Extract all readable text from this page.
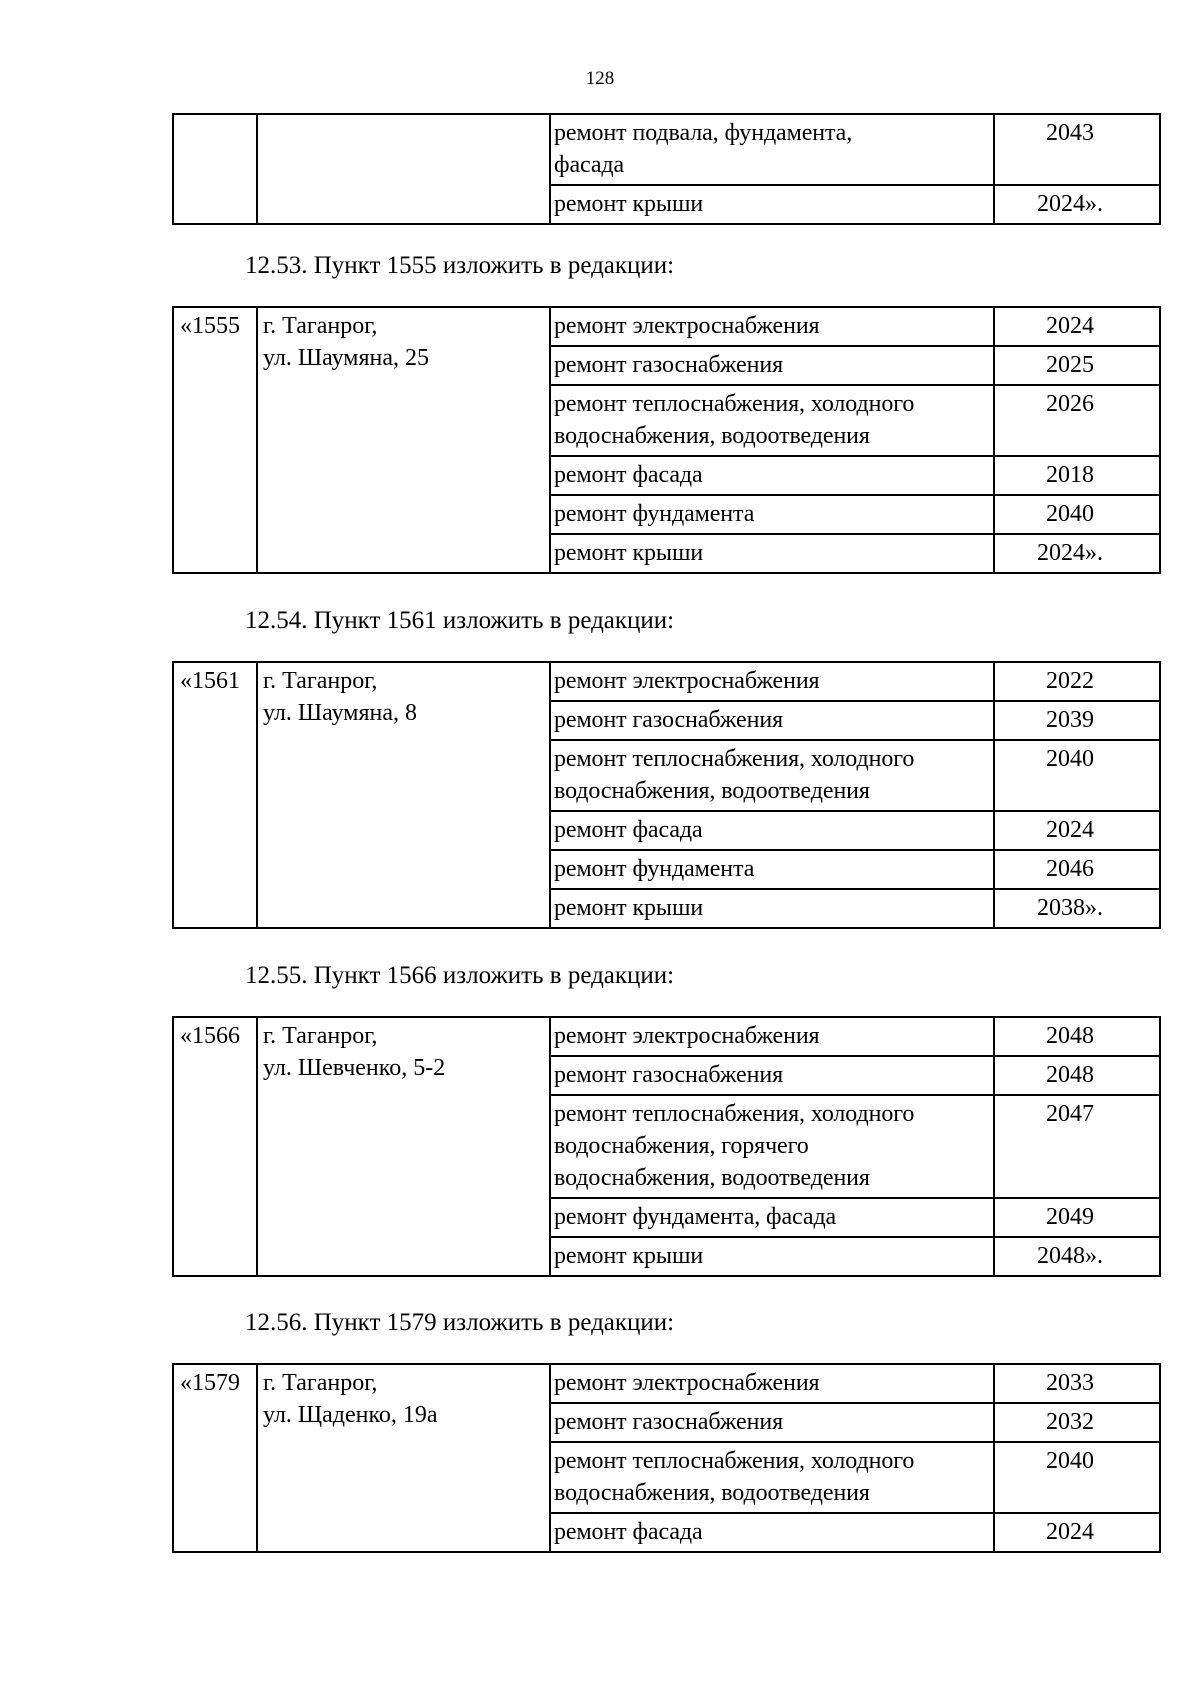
128

		ремонт подвала, фундамента,
фасада	2043

		ремонт крыши	2024».
12.53. Пункт 1555 изложить в редакции:
«1555	г. Таганрог,
ул. Шаумяна, 25	ремонт электроснабжения	2024

		ремонт газоснабжения	2025

		ремонт теплоснабжения, холодного
водоснабжения, водоотведения	2026

		ремонт фасада	2018

		ремонт фундамента	2040

		ремонт крыши	2024».
12.54. Пункт 1561 изложить в редакции:
«1561	г. Таганрог,
ул. Шаумяна, 8	ремонт электроснабжения	2022

		ремонт газоснабжения	2039

		ремонт теплоснабжения, холодного
водоснабжения, водоотведения	2040

		ремонт фасада	2024

		ремонт фундамента	2046

		ремонт крыши	2038».
12.55. Пункт 1566 изложить в редакции:
«1566	г. Таганрог,
ул. Шевченко, 5-2	ремонт электроснабжения	2048

		ремонт газоснабжения	2048

		ремонт теплоснабжения, холодного
водоснабжения, горячего
водоснабжения, водоотведения	2047

		ремонт фундамента, фасада	2049

		ремонт крыши	2048».
12.56. Пункт 1579 изложить в редакции:
«1579	г. Таганрог,
ул. Щаденко, 19а	ремонт электроснабжения	2033

		ремонт газоснабжения	2032

		ремонт теплоснабжения, холодного
водоснабжения, водоотведения	2040

		ремонт фасада	2024
